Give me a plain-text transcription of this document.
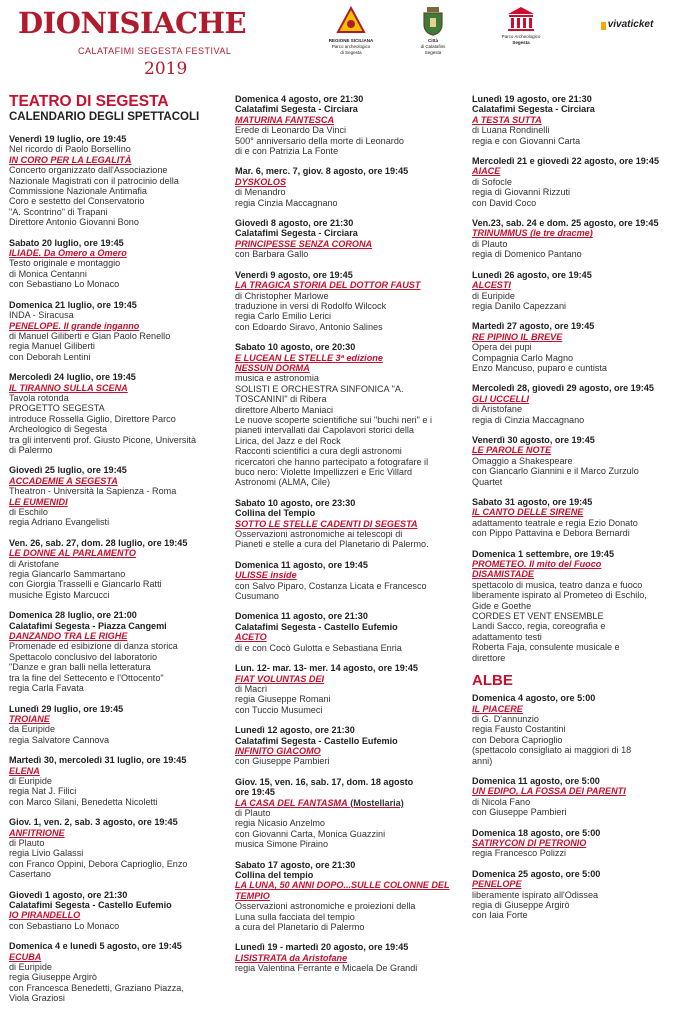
DIONISIACHE
CALATAFIMI SEGESTA FESTIVAL
2019
REGIONE SICILIANA
Parco archeologico
di Segesta
Città
di Calatafimi
Segesta
Parco Archeologico
Segesta
vivaticket
TEATRO DI SEGESTA
CALENDARIO DEGLI SPETTACOLI
Venerdì 19 luglio, ore 19:45
Nel ricordo di Paolo Borsellino
IN CORO PER LA LEGALITÀ
Concerto organizzato dall'Associazione
Nazionale Magistrati con il patrocinio della
Commissione Nazionale Antimafia
Coro e sestetto del Conservatorio
"A. Scontrino" di Trapani
Direttore Antonio Giovanni Bono
Sabato 20 luglio, ore 19:45
ILIADE. Da Omero a Omero
Testo originale e montaggio
di Monica Centanni
con Sebastiano Lo Monaco
Domenica 21 luglio, ore 19:45
INDA - Siracusa
PENELOPE. Il grande inganno
di Manuel Giliberti e Gian Paolo Renello
regia Manuel Giliberti
con Deborah Lentini
Mercoledì 24 luglio, ore 19:45
IL TIRANNO SULLA SCENA
Tavola rotonda
PROGETTO SEGESTA
introduce Rossella Giglio, Direttore Parco
Archeologico di Segesta
tra gli interventi prof. Giusto Picone, Università
di Palermo
Giovedì 25 luglio, ore 19:45
ACCADEMIE A SEGESTA
Theatron - Università la Sapienza - Roma
LE EUMENIDI
di Eschilo
regia Adriano Evangelisti
Ven. 26, sab. 27, dom. 28 luglio, ore 19:45
LE DONNE AL PARLAMENTO
di Aristofane
regia Giancarlo Sammartano
con Giorgia Trasselli e Giancarlo Ratti
musiche Egisto Marcucci
Domenica 28 luglio, ore 21:00
Calatafimi Segesta - Piazza Cangemi
DANZANDO TRA LE RIGHE
Promenade ed esibizione di danza storica
Spettacolo conclusivo del laboratorio
"Danze e gran balli nella letteratura
tra la fine del Settecento e l'Ottocento"
regia Carla Favata
Lunedì 29 luglio, ore 19:45
TROIANE
da Euripide
regia Salvatore Cannova
Martedì 30, mercoledì 31 luglio, ore 19:45
ELENA
di Euripide
regia Nat J. Filici
con Marco Silani, Benedetta Nicoletti
Giov. 1, ven. 2, sab. 3 agosto, ore 19:45
ANFITRIONE
di Plauto
regia Livio Galassi
con Franco Oppini, Debora Caprioglio, Enzo
Casertano
Giovedì 1 agosto, ore 21:30
Calatafimi Segesta - Castello Eufemio
IO PIRANDELLO
con Sebastiano Lo Monaco
Domenica 4 e lunedì 5 agosto, ore 19:45
ECUBA
di Euripide
regia Giuseppe Argirò
con Francesca Benedetti, Graziano Piazza,
Viola Graziosi
Domenica 4 agosto, ore 21:30
Calatafimi Segesta - Circiara
MATURINA FANTESCA
Erede di Leonardo Da Vinci
500° anniversario della morte di Leonardo
di e con Patrizia La Fonte
Mar. 6, merc. 7, giov. 8 agosto, ore 19:45
DYSKOLOS
di Menandro
regia Cinzia Maccagnano
Giovedì 8 agosto, ore 21:30
Calatafimi Segesta - Circiara
PRINCIPESSE SENZA CORONA
con Barbara Gallo
Venerdì 9 agosto, ore 19:45
LA TRAGICA STORIA DEL DOTTOR FAUST
di Christopher Marlowe
traduzione in versi di Rodolfo Wilcock
regia Carlo Emilio Lerici
con Edoardo Siravo, Antonio Salines
Sabato 10 agosto, ore 20:30
E LUCEAN LE STELLE 3ª edizione
NESSUN DORMA
musica e astronomia
SOLISTI E ORCHESTRA SINFONICA "A.
TOSCANINI" di Ribera
direttore Alberto Maniaci
Le nuove scoperte scientifiche sui "buchi neri" e i
pianeti intervallati dai Capolavori storici della
Lirica, del Jazz e del Rock
Racconti scientifici a cura degli astronomi
ricercatori che hanno partecipato a fotografare il
buco nero: Violette Impellizzeri e Eric Villard
Astronomi (ALMA, Cile)
Sabato 10 agosto, ore 23:30
Collina del Tempio
SOTTO LE STELLE CADENTI DI SEGESTA
Osservazioni astronomiche ai telescopi di
Pianeti e stelle a cura del Planetario di Palermo.
Domenica 11 agosto, ore 19:45
ULISSE inside
con Salvo Piparo, Costanza Licata e Francesco
Cusumano
Domenica 11 agosto, ore 21:30
Calatafimi Segesta - Castello Eufemio
ACETO
di e con Cocò Gulotta e Sebastiana Enria
Lun. 12- mar. 13- mer. 14 agosto, ore 19:45
FIAT VOLUNTAS DEI
di Macrì
regia Giuseppe Romani
con Tuccio Musumeci
Lunedì 12 agosto, ore 21:30
Calatafimi Segesta - Castello Eufemio
INFINITO GIACOMO
con Giuseppe Pambieri
Giov. 15, ven. 16, sab. 17, dom. 18 agosto
ore 19:45
LA CASA DEL FANTASMA (Mostellaria)
di Plauto
regia Nicasio Anzelmo
con Giovanni Carta, Monica Guazzini
musica Simone Piraino
Sabato 17 agosto, ore 21:30
Collina del tempio
LA LUNA, 50 ANNI DOPO...SULLE COLONNE DEL TEMPIO
Osservazioni astronomiche e proiezioni della
Luna sulla facciata del tempio
a cura del Planetario di Palermo
Lunedì 19 - martedì 20 agosto, ore 19:45
LISISTRATA da Aristofane
regia Valentina Ferrante e Micaela De Grandi
Lunedì 19 agosto, ore 21:30
Calatafimi Segesta - Circiara
A TESTA SUTTA
di Luana Rondinelli
regia e con Giovanni Carta
Mercoledì 21 e giovedì 22 agosto, ore 19:45
AIACE
di Sofocle
regia di Giovanni Rizzuti
con David Coco
Ven.23, sab. 24 e dom. 25 agosto, ore 19:45
TRINUMMUS (le tre dracme)
di Plauto
regia di Domenico Pantano
Lunedì 26 agosto, ore 19:45
ALCESTI
di Euripide
regia Danilo Capezzani
Martedì 27 agosto, ore 19:45
RE PIPINO IL BREVE
Opera dei pupi
Compagnia Carlo Magno
Enzo Mancuso, puparo e cuntista
Mercoledì 28, giovedì 29 agosto, ore 19:45
GLI UCCELLI
di Aristofane
regia di Cinzia Maccagnano
Venerdì 30 agosto, ore 19:45
LE PAROLE NOTE
Omaggio a Shakespeare
con Giancarlo Giannini e il Marco Zurzulo
Quartet
Sabato 31 agosto, ore 19:45
IL CANTO DELLE SIRENE
adattamento teatrale e regia Ezio Donato
con Pippo Pattavina e Debora Bernardi
Domenica 1 settembre, ore 19:45
PROMETEO. Il mito del Fuoco
DISAMISTADE
spettacolo di musica, teatro danza e fuoco
liberamente ispirato al Prometeo di Eschilo,
Gide e Goethe
CORDES ET VENT ENSEMBLE
Landi Sacco, regia, coreografia e
adattamento testi
Roberta Faja, consulente musicale e
direttore
ALBE
Domenica 4 agosto, ore 5:00
IL PIACERE
di G. D'annunzio
regia Fausto Costantini
con Debora Caprioglio
(spettacolo consigliato ai maggiori di 18
anni)
Domenica 11 agosto, ore 5:00
UN EDIPO, LA FOSSA DEI PARENTI
di Nicola Fano
con Giuseppe Pambieri
Domenica 18 agosto, ore 5:00
SATIRYCON DI PETRONIO
regia Francesco Polizzi
Domenica 25 agosto, ore 5:00
PENELOPE
liberamente ispirato all'Odissea
regia di Giuseppe Argirò
con Iaia Forte
